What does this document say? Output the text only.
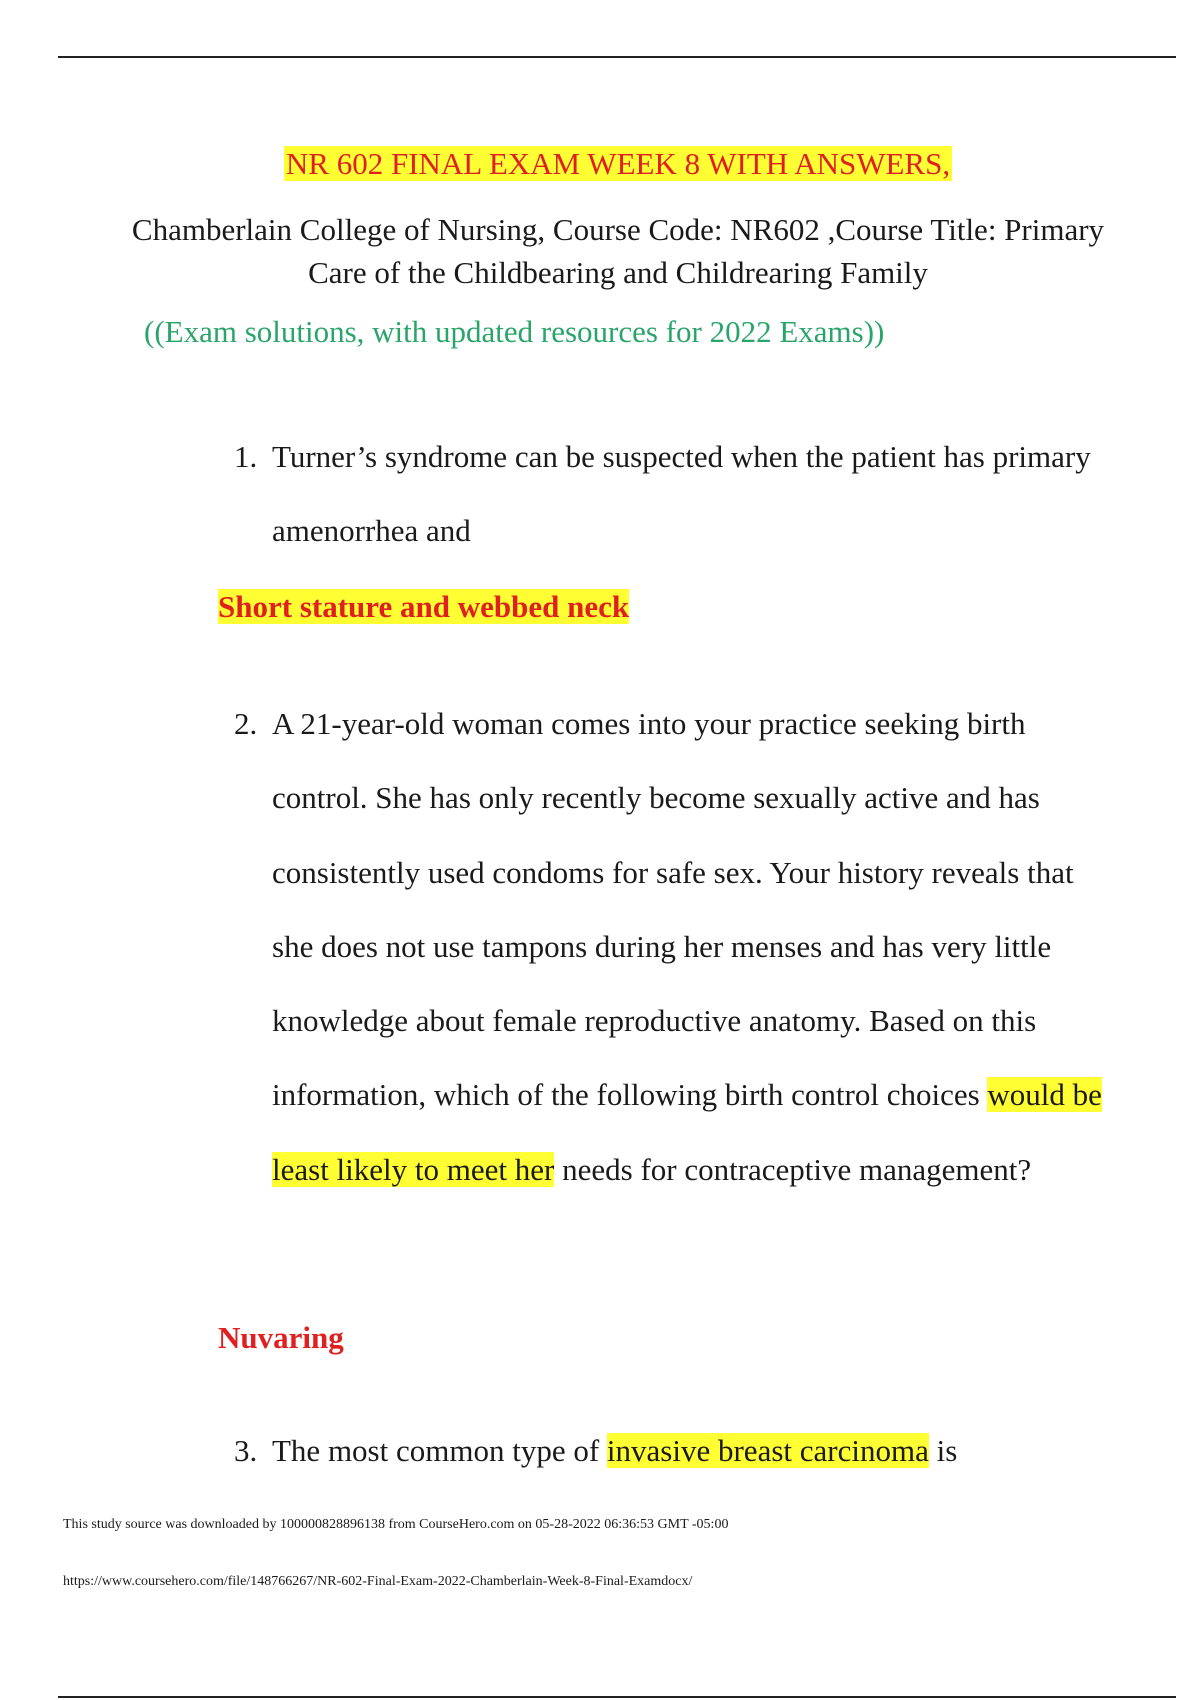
NR 602 FINAL EXAM WEEK 8 WITH ANSWERS,
Chamberlain College of Nursing, Course Code: NR602 ,Course Title: Primary Care of the Childbearing and Childrearing Family
((Exam solutions, with updated resources for 2022 Exams))
1. Turner’s syndrome can be suspected when the patient has primary amenorrhea and
Short stature and webbed neck
2. A 21-year-old woman comes into your practice seeking birth control. She has only recently become sexually active and has consistently used condoms for safe sex. Your history reveals that she does not use tampons during her menses and has very little knowledge about female reproductive anatomy. Based on this information, which of the following birth control choices would be least likely to meet her needs for contraceptive management?
Nuvaring
3. The most common type of invasive breast carcinoma is
This study source was downloaded by 100000828896138 from CourseHero.com on 05-28-2022 06:36:53 GMT -05:00
https://www.coursehero.com/file/148766267/NR-602-Final-Exam-2022-Chamberlain-Week-8-Final-Examdocx/
